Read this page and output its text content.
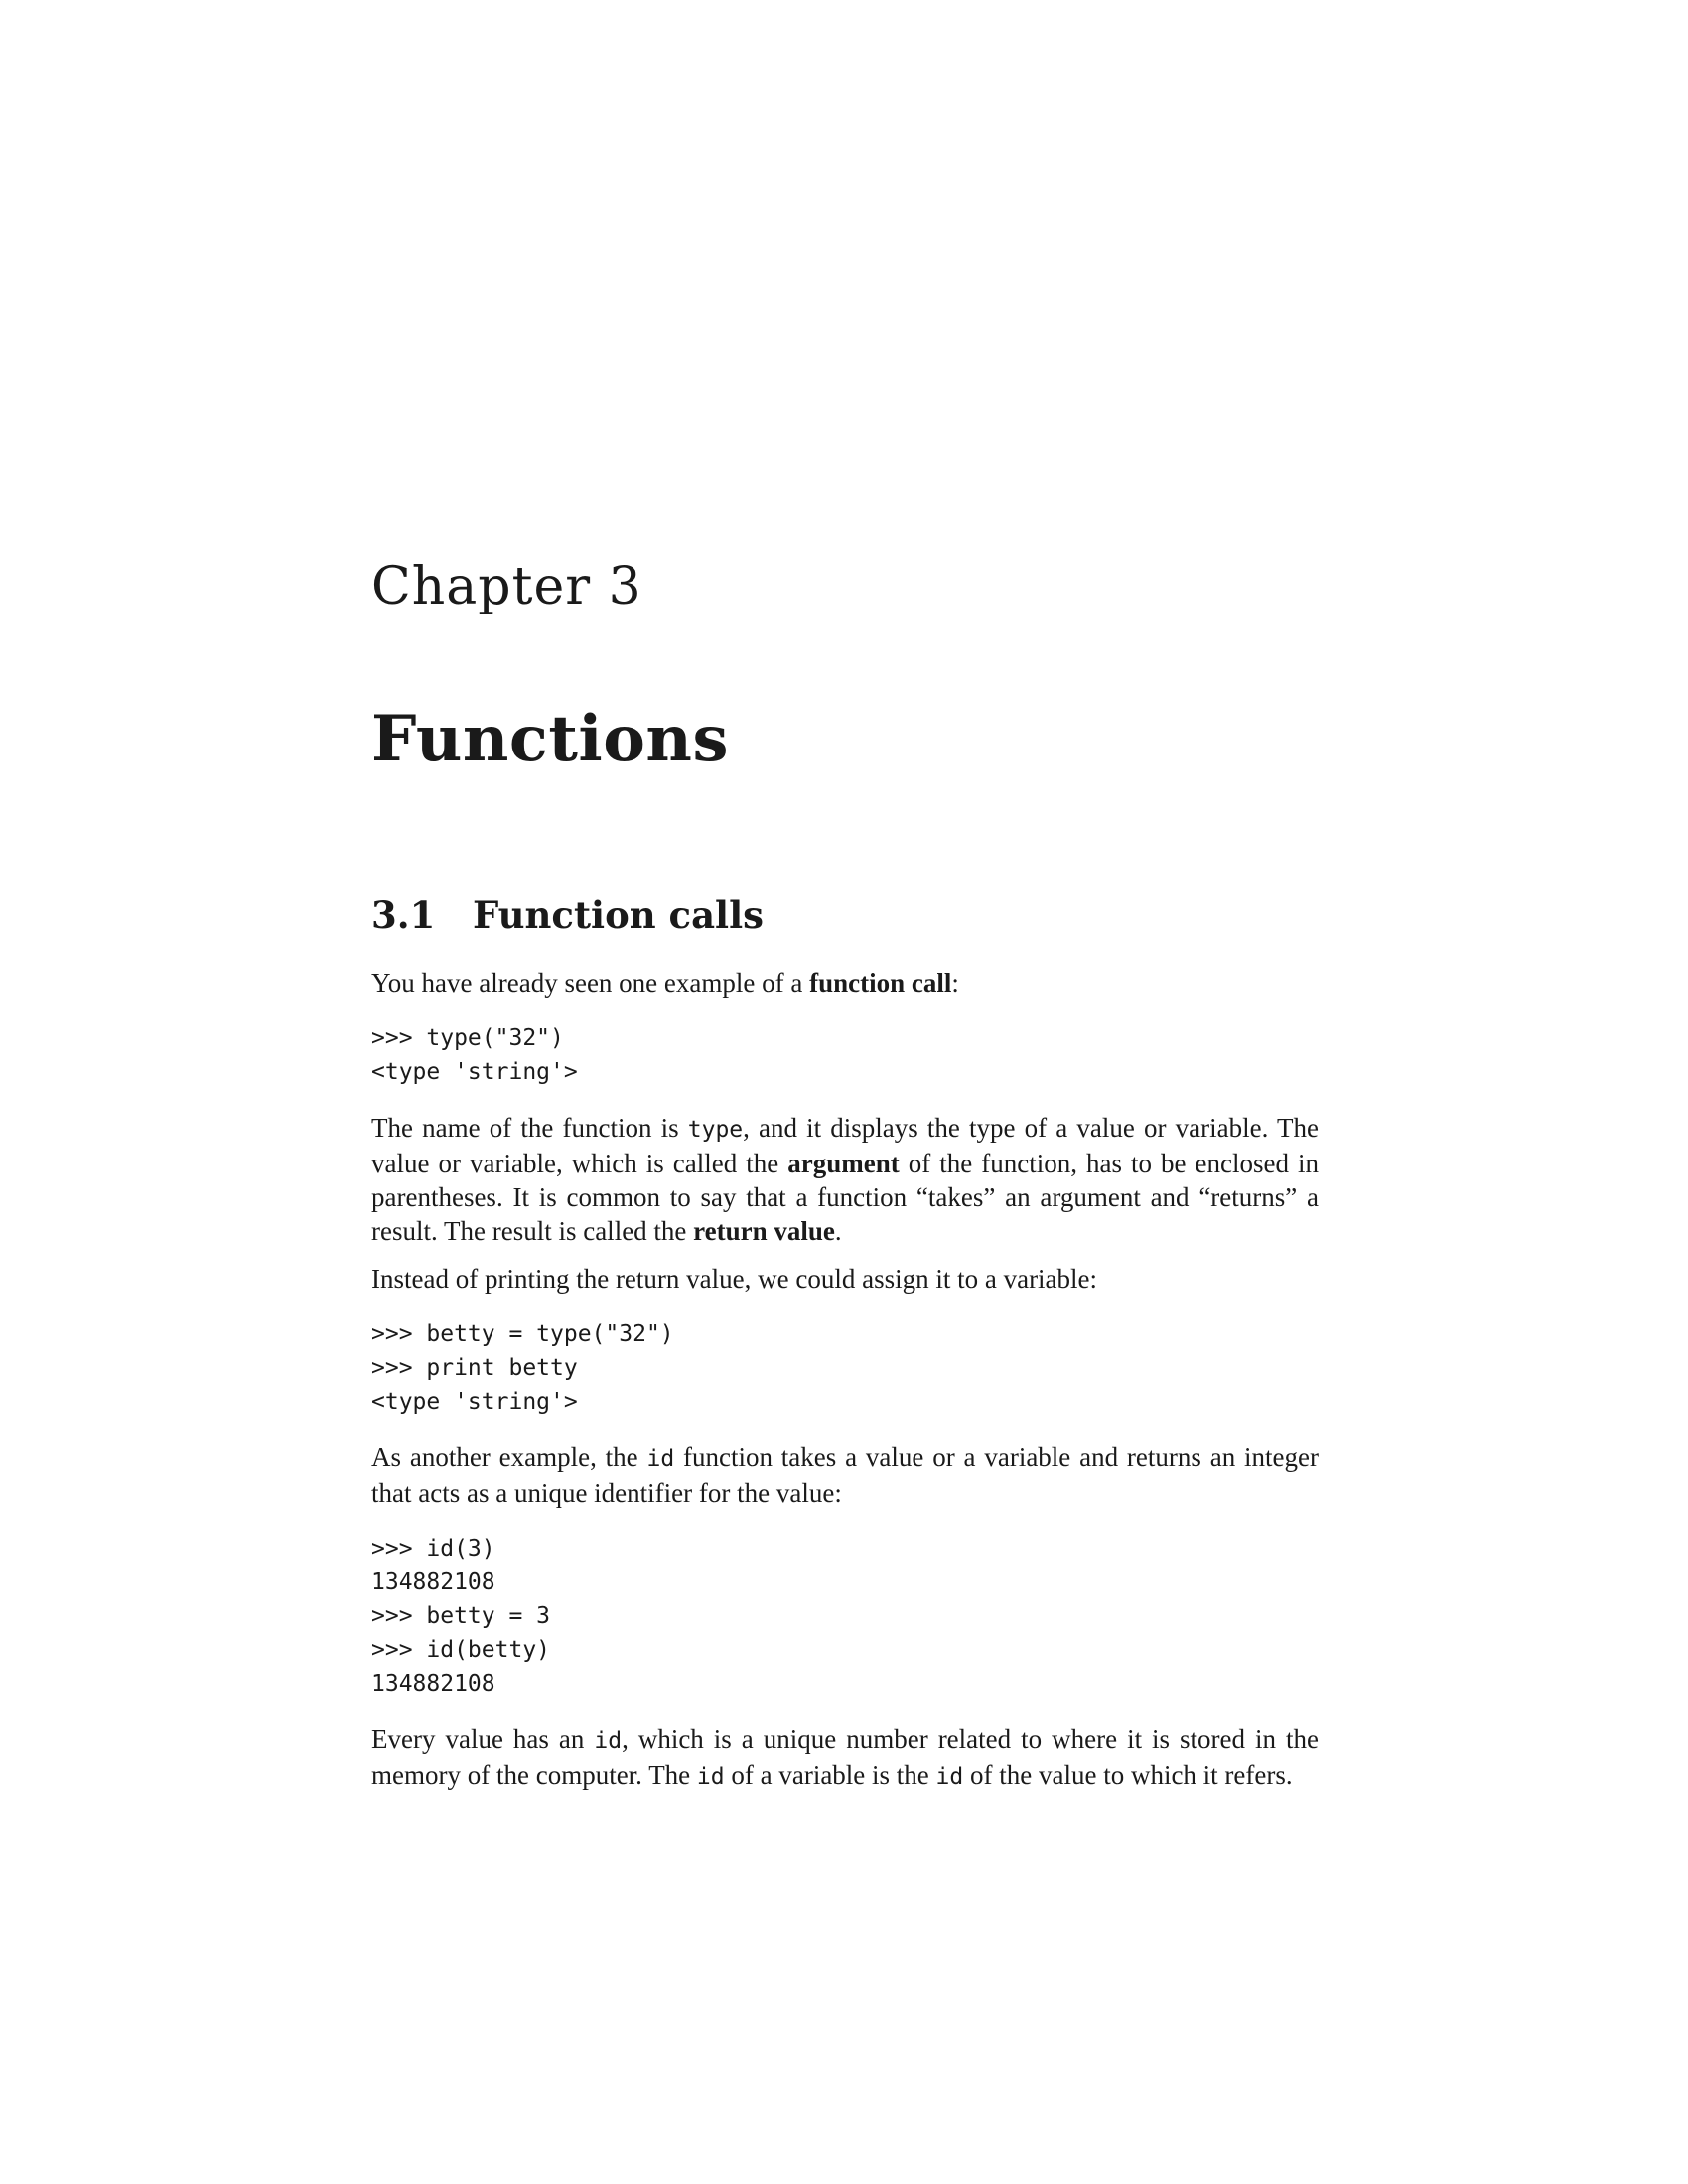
Chapter 3
Functions
3.1	Function calls

You have already seen one example of a function call:

>>> type("32")
<type 'string'>

The name of the function is type, and it displays the type of a value or variable. The value or variable, which is called the argument of the function, has to be enclosed in parentheses. It is common to say that a function “takes” an argument and “returns” a result. The result is called the return value.

Instead of printing the return value, we could assign it to a variable:

>>> betty = type("32")
>>> print betty
<type 'string'>

As another example, the id function takes a value or a variable and returns an integer that acts as a unique identifier for the value:

>>> id(3)
134882108
>>> betty = 3
>>> id(betty)
134882108

Every value has an id, which is a unique number related to where it is stored in the memory of the computer. The id of a variable is the id of the value to which it refers.
